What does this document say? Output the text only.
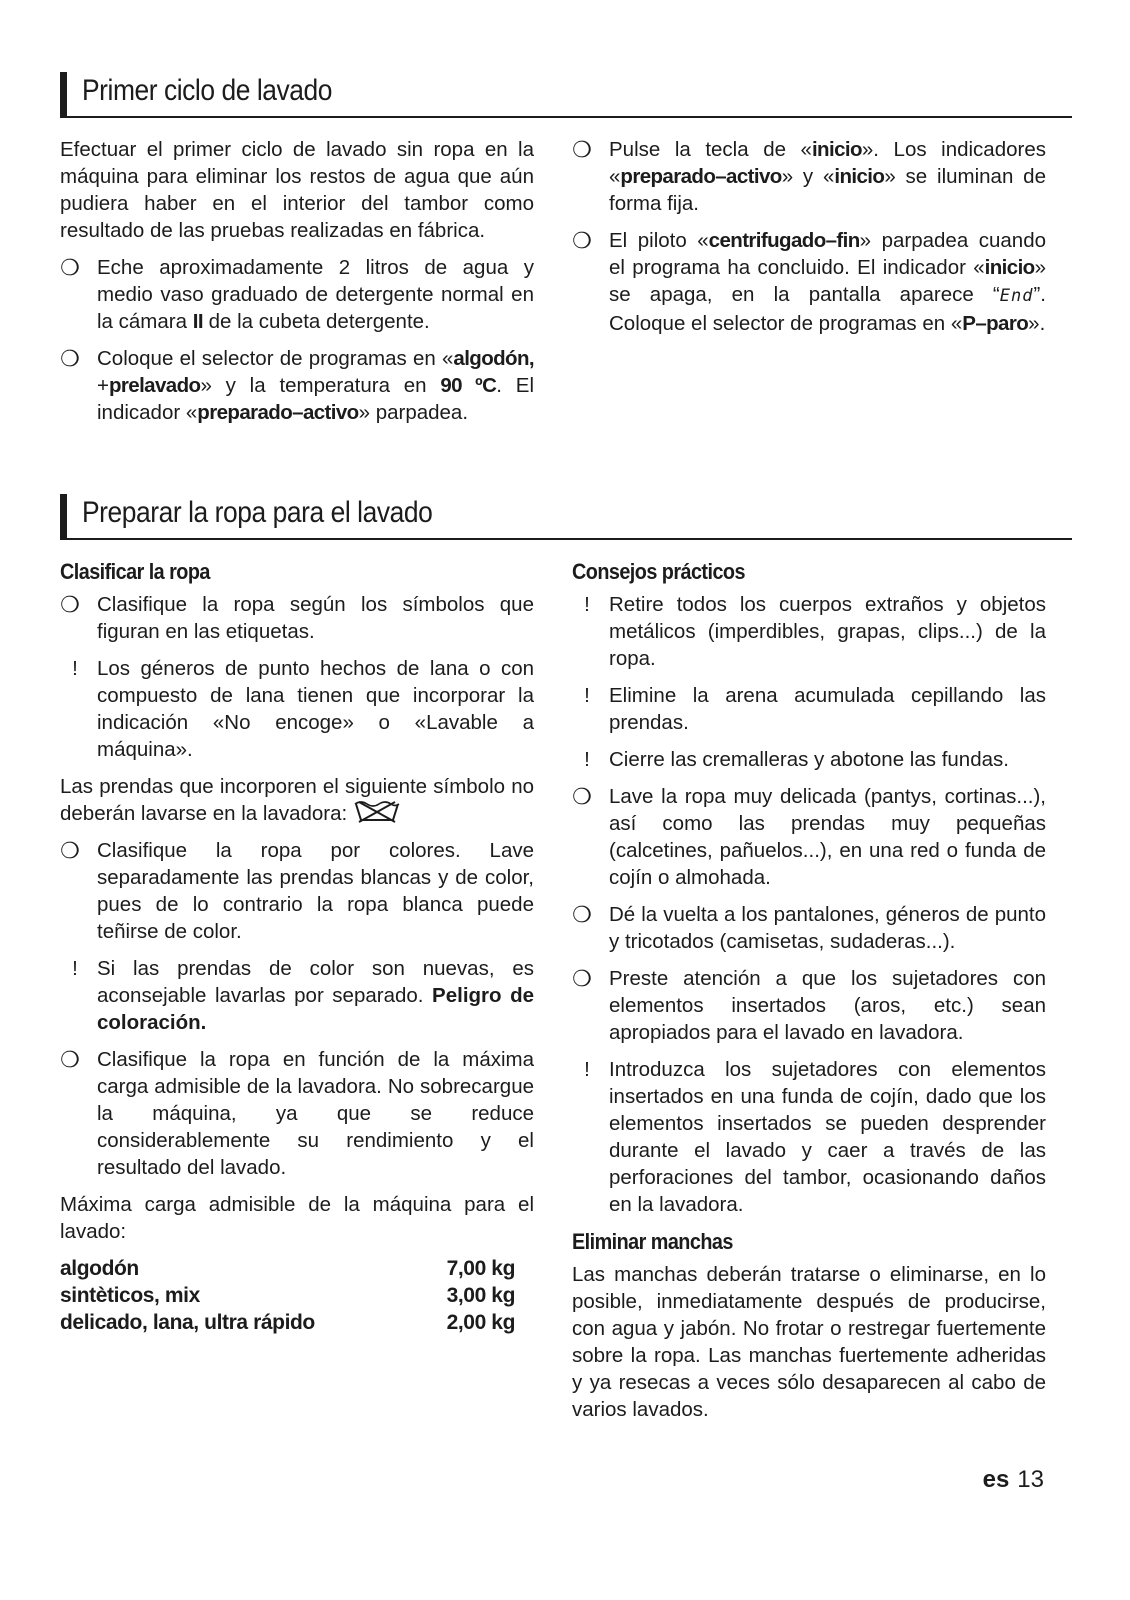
Primer ciclo de lavado

Efectuar el primer ciclo de lavado sin ropa en la máquina para eliminar los restos de agua que aún pudiera haber en el interior del tambor como resultado de las pruebas realizadas en fábrica.

❍ Eche aproximadamente 2 litros de agua y medio vaso graduado de detergente normal en la cámara II de la cubeta detergente.
❍ Coloque el selector de programas en «algodón, +prelavado» y la temperatura en 90 ºC. El indicador «preparado–activo» parpadea.
❍ Pulse la tecla de «inicio». Los indicadores «preparado–activo» y «inicio» se iluminan de forma fija.
❍ El piloto «centrifugado–fin» parpadea cuando el programa ha concluido. El indicador «inicio» se apaga, en la pantalla aparece “End”. Coloque el selector de programas en «P–paro».
Preparar la ropa para el lavado
Clasificar la ropa
❍ Clasifique la ropa según los símbolos que figuran en las etiquetas.
! Los géneros de punto hechos de lana o con compuesto de lana tienen que incorporar la indicación «No encoge» o «Lavable a máquina».

Las prendas que incorporen el siguiente símbolo no deberán lavarse en la lavadora:

❍ Clasifique la ropa por colores. Lave separadamente las prendas blancas y de color, pues de lo contrario la ropa blanca puede teñirse de color.
! Si las prendas de color son nuevas, es aconsejable lavarlas por separado. Peligro de coloración.
❍ Clasifique la ropa en función de la máxima carga admisible de la lavadora. No sobrecargue la máquina, ya que se reduce considerablemente su rendimiento y el resultado del lavado.

Máxima carga admisible de la máquina para el lavado:

algodón	7,00 kg
sintèticos, mix	3,00 kg
delicado, lana, ultra rápido	2,00 kg
Consejos prácticos
! Retire todos los cuerpos extraños y objetos metálicos (imperdibles, grapas, clips...) de la ropa.
! Elimine la arena acumulada cepillando las prendas.
! Cierre las cremalleras y abotone las fundas.
❍ Lave la ropa muy delicada (pantys, cortinas...), así como las prendas muy pequeñas (calcetines, pañuelos...), en una red o funda de cojín o almohada.
❍ Dé la vuelta a los pantalones, géneros de punto y tricotados (camisetas, sudaderas...).
❍ Preste atención a que los sujetadores con elementos insertados (aros, etc.) sean apropiados para el lavado en lavadora.
! Introduzca los sujetadores con elementos insertados en una funda de cojín, dado que los elementos insertados se pueden desprender durante el lavado y caer a través de las perforaciones del tambor, ocasionando daños en la lavadora.
Eliminar manchas

Las manchas deberán tratarse o eliminarse, en lo posible, inmediatamente después de producirse, con agua y jabón. No frotar o restregar fuertemente sobre la ropa. Las manchas fuertemente adheridas y ya resecas a veces sólo desaparecen al cabo de varios lavados.

es 13
